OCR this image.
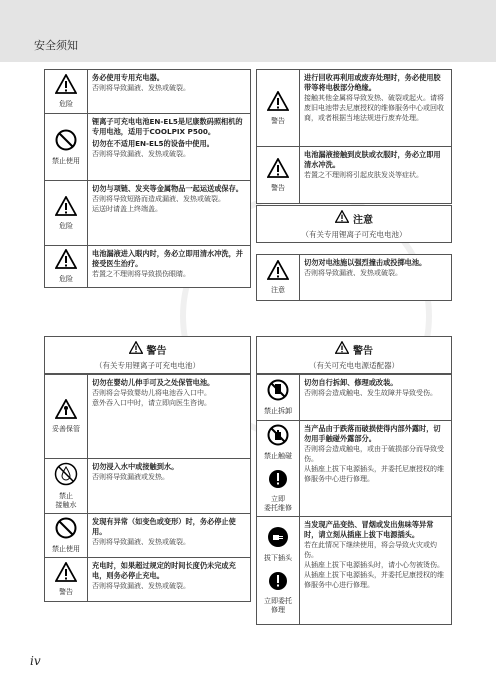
安全须知
危险
务必使用专用充电器。
否则将导致漏液、发热或破裂。
禁止使用
锂离子可充电电池EN-EL5是尼康数码照相机的专用电池，适用于COOLPIX P500。
切勿在不适用EN-EL5的设备中使用。
否则将导致漏液、发热或破裂。
危险
切勿与项链、发夹等金属物品一起运送或保存。
否则将导致短路而造成漏液、发热或破裂。
运送时请盖上终端盖。
危险
电池漏液进入眼内时，务必立即用清水冲洗，并接受医生治疗。
若置之不理则将导致损伤眼睛。
警告
进行回收再利用或废弃处理时，务必使用胶带等将电极部分绝缘。
接触其他金属将导致发热、破裂或起火。请将废旧电池带去尼康授权的维修服务中心或回收商，或者根据当地法规进行废弃处理。
警告
电池漏液接触到皮肤或衣服时，务必立即用清水冲洗。
若置之不理则将引起皮肤发炎等症状。
注意
（有关专用锂离子可充电电池）
注意
切勿对电池施以强烈撞击或投掷电池。
否则将导致漏液、发热或破裂。
警告
（有关专用锂离子可充电电池）
警告
（有关可充电电源适配器）
妥善保管
切勿在婴幼儿伸手可及之处保管电池。
否则将会导致婴幼儿将电池吞入口中。
意外吞入口中时，请立即向医生咨询。
禁止
接触水
切勿浸入水中或接触到水。
否则将导致漏液或发热。
禁止使用
发现有异常（如变色或变形）时，务必停止使用。
否则将导致漏液、发热或破裂。
警告
充电时，如果超过规定的时间长度仍未完成充电，则务必停止充电。
否则将导致漏液、发热或破裂。
禁止拆卸
切勿自行拆卸、修理或改装。
否则将会造成触电、发生故障并导致受伤。
禁止触碰
立即
委托维修
当产品由于跌落而破损使得内部外露时，切勿用手触碰外露部分。
否则将会造成触电，或由于破损部分而导致受伤。
从插座上拔下电源插头，并委托尼康授权的维修服务中心进行修理。
拔下插头
立即委托
修理
当发现产品变热、冒烟或发出焦味等异常时，请立刻从插座上拔下电源插头。
若在此情况下继续使用，将会导致火灾或灼伤。
从插座上拔下电源插头时，请小心勿被烫伤。
从插座上拔下电源插头，并委托尼康授权的维修服务中心进行修理。
iv
